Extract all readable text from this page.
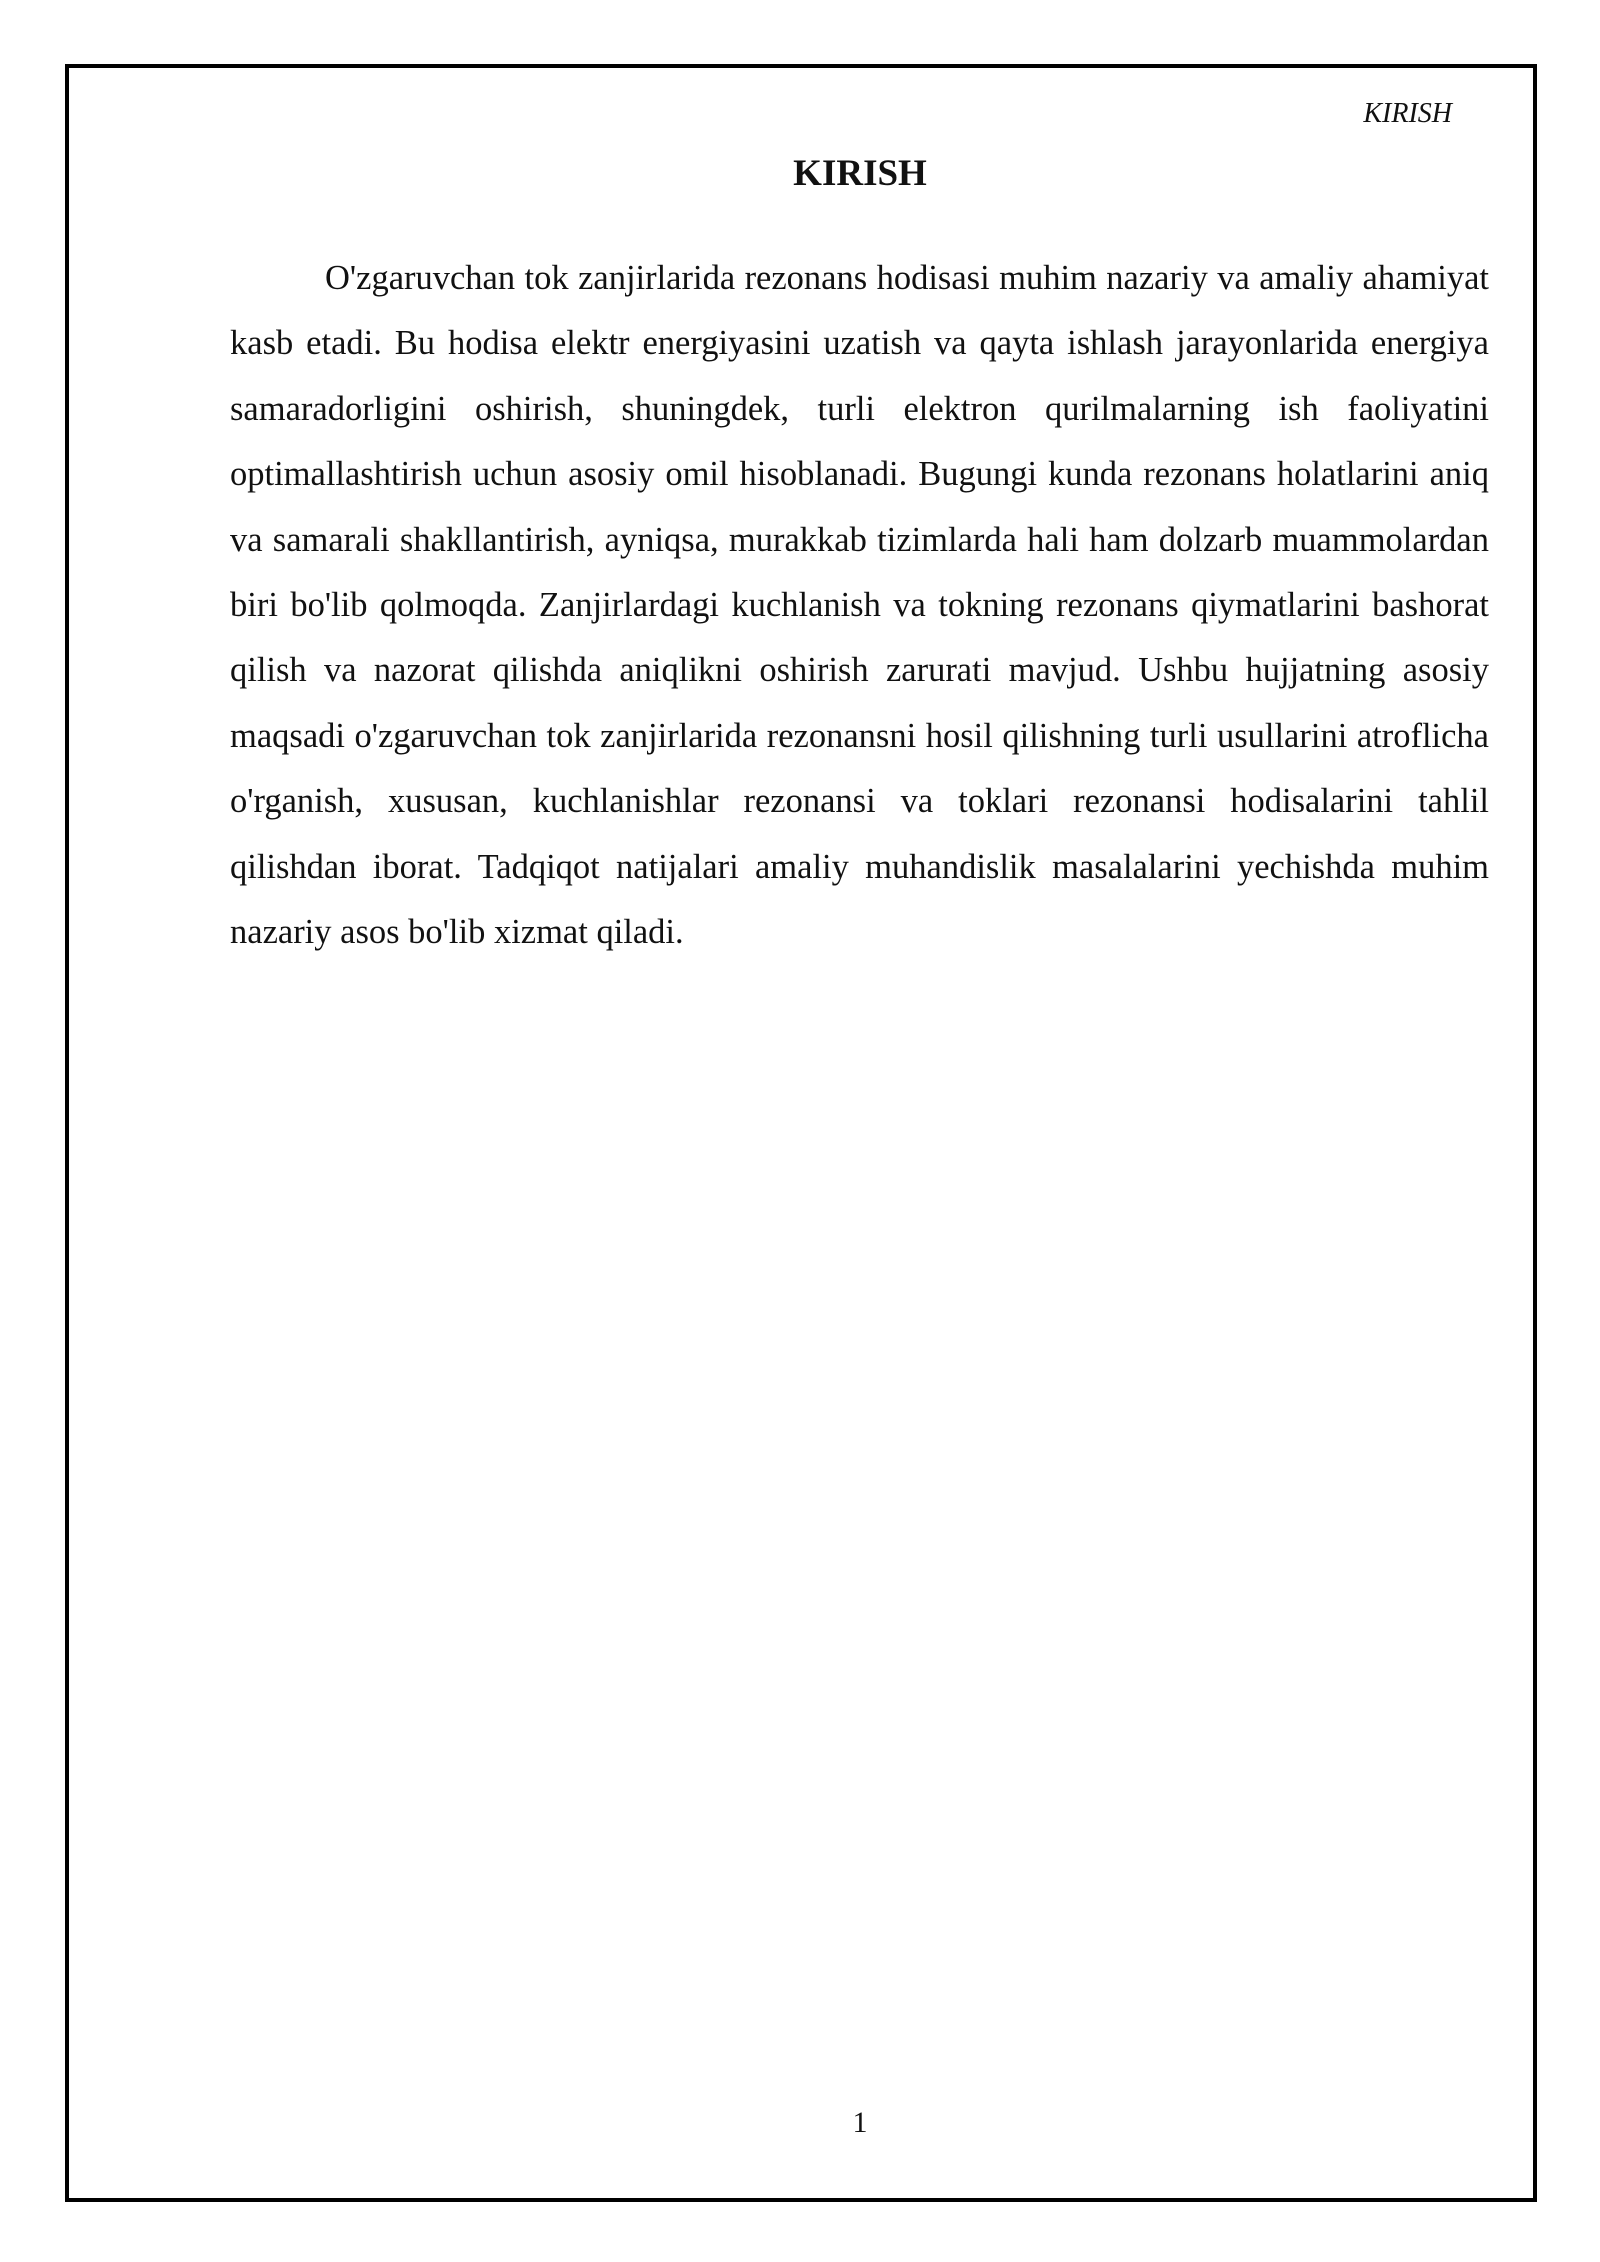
KIRISH
KIRISH

O'zgaruvchan tok zanjirlarida rezonans hodisasi muhim nazariy va amaliy ahamiyat kasb etadi. Bu hodisa elektr energiyasini uzatish va qayta ishlash jarayonlarida energiya samaradorligini oshirish, shuningdek, turli elektron qurilmalarning ish faoliyatini optimallashtirish uchun asosiy omil hisoblanadi. Bugungi kunda rezonans holatlarini aniq va samarali shakllantirish, ayniqsa, murakkab tizimlarda hali ham dolzarb muammolardan biri bo'lib qolmoqda. Zanjirlardagi kuchlanish va tokning rezonans qiymatlarini bashorat qilish va nazorat qilishda aniqlikni oshirish zarurati mavjud. Ushbu hujjatning asosiy maqsadi o'zgaruvchan tok zanjirlarida rezonansni hosil qilishning turli usullarini atroflicha o'rganish, xususan, kuchlanishlar rezonansi va toklari rezonansi hodisalarini tahlil qilishdan iborat. Tadqiqot natijalari amaliy muhandislik masalalarini yechishda muhim nazariy asos bo'lib xizmat qiladi.

1
